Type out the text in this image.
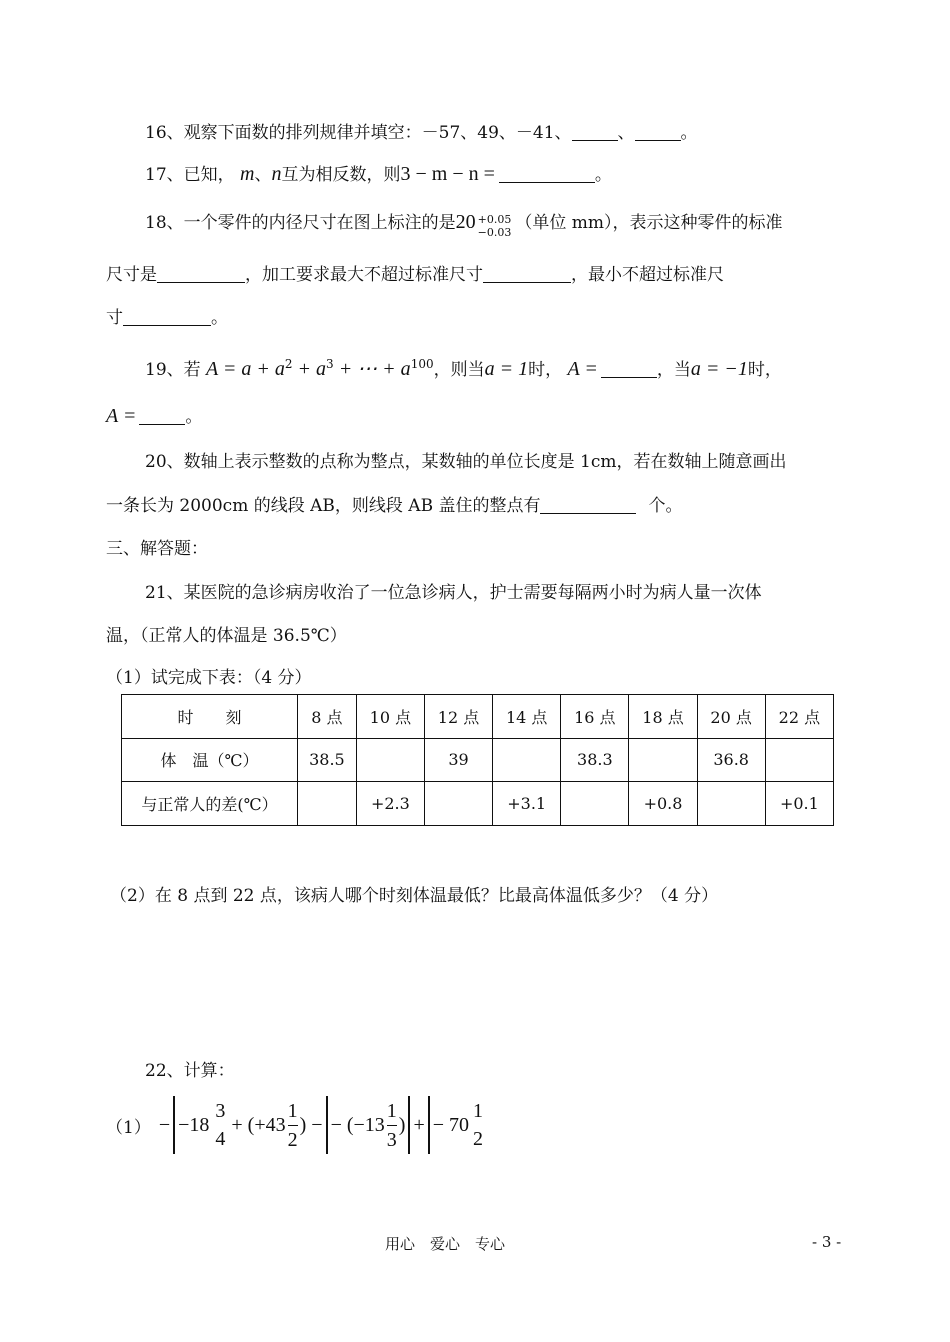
16、观察下面数的排列规律并填空：－57、49、－41、	、	。
17、已知， m、n互为相反数，则3 − m − n =	。
18、一个零件的内径尺寸在图上标注的是20 +0.05
−0.03 （单位 mm），表示这种零件的标准
尺寸是	，加工要求最大不超过标准尺寸	，最小不超过标准尺
寸	。
19、若 $A = a + a^2 + a^3$ + ⋯ + $a^{100}$，则当a = 1时， A =	，当a = −1时，
A =	。
20、数轴上表示整数的点称为整点，某数轴的单位长度是 1cm，若在数轴上随意画出
一条长为 2000cm 的线段 AB，则线段 AB 盖住的整点有	个。
三、解答题：
21、某医院的急诊病房收治了一位急诊病人，护士需要每隔两小时为病人量一次体
温，（正常人的体温是 36.5℃）
（1）试完成下表：（4 分）
时　　刻	8 点	10 点	12 点	14 点	16 点	18 点	20 点	22 点
体　温（℃）	38.5		39		38.3		36.8	
与正常人的差(℃）		+2.3		+3.1		+0.8		+0.1
（2）在 8 点到 22 点，该病人哪个时刻体温最低？比最高体温低多少？（4 分）
22、计算：
（1） − −18
3
4
+ ($+43 \frac{1}{2}$ ) − − ($-13 \frac{1}{3}$ ) + − 70
1
2
用心　爱心　专心	- 3 -
